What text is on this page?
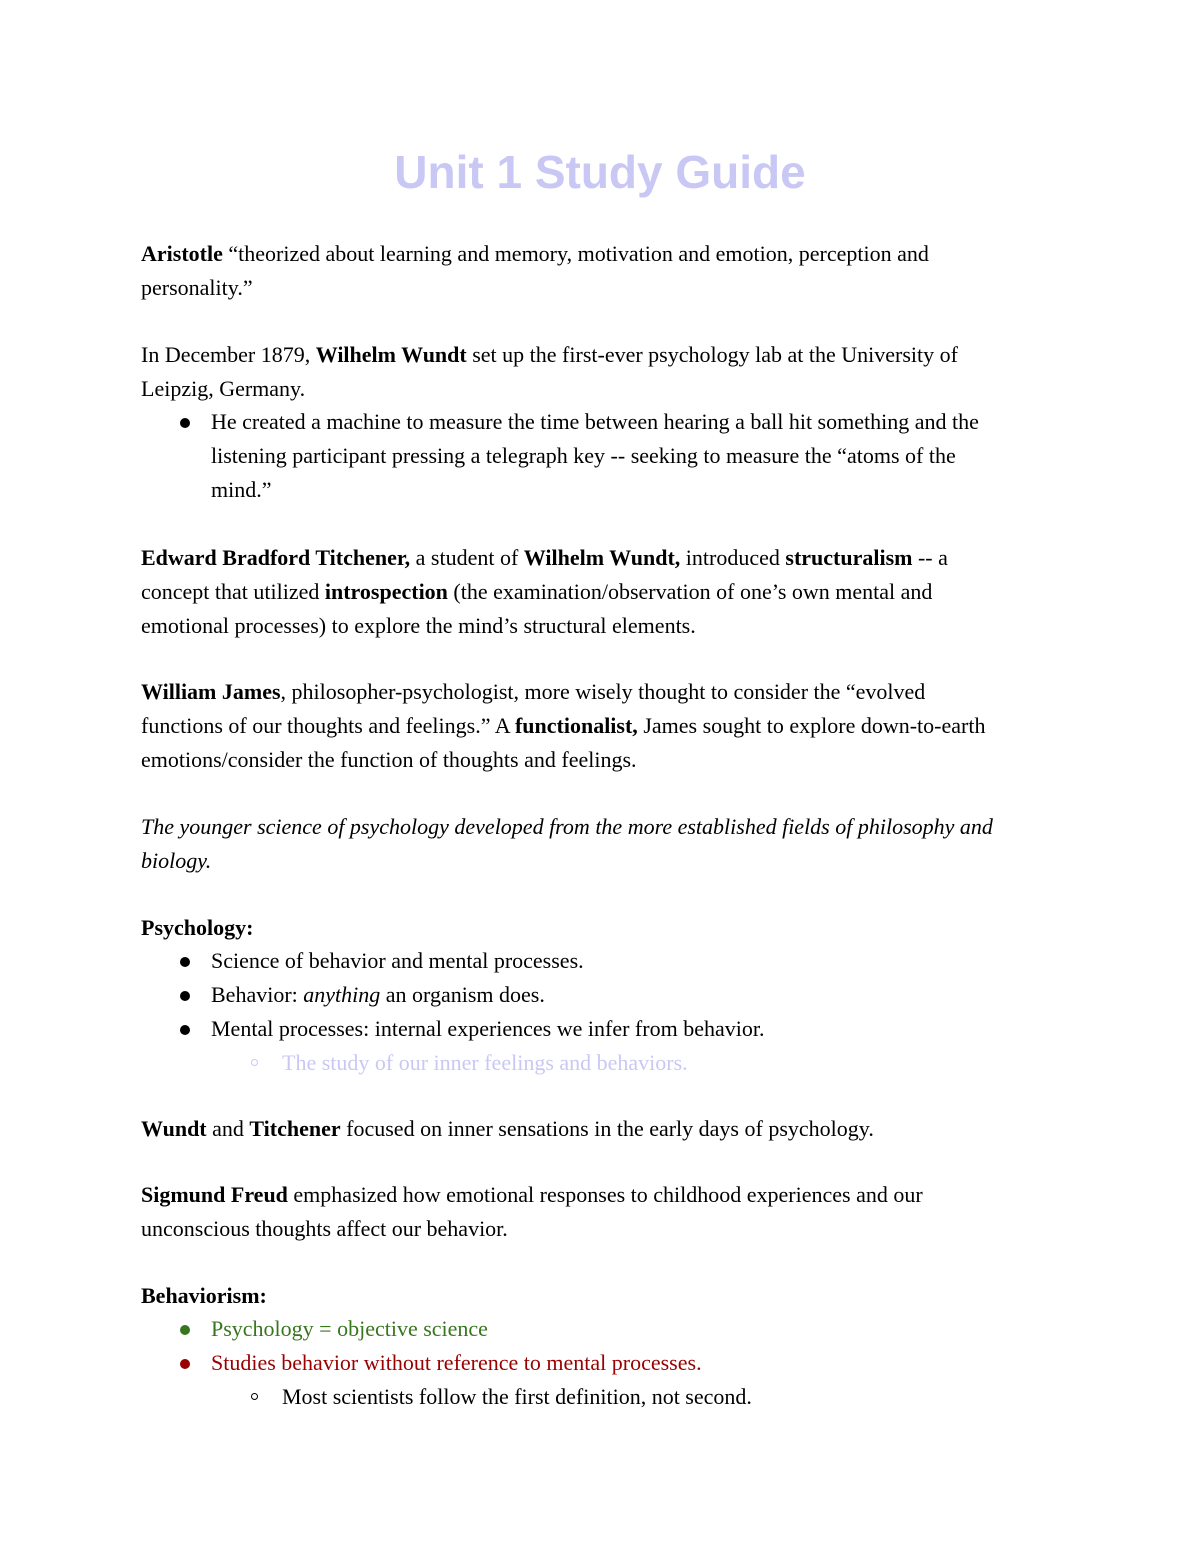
Unit 1 Study Guide
Aristotle “theorized about learning and memory, motivation and emotion, perception and
personality.”
In December 1879, Wilhelm Wundt set up the first-ever psychology lab at the University of
Leipzig, Germany.
He created a machine to measure the time between hearing a ball hit something and the
listening participant pressing a telegraph key -- seeking to measure the “atoms of the
mind.”
Edward Bradford Titchener, a student of Wilhelm Wundt, introduced structuralism -- a
concept that utilized introspection (the examination/observation of one’s own mental and
emotional processes) to explore the mind’s structural elements.
William James, philosopher-psychologist, more wisely thought to consider the “evolved
functions of our thoughts and feelings.” A functionalist, James sought to explore down-to-earth
emotions/consider the function of thoughts and feelings.
The younger science of psychology developed from the more established fields of philosophy and
biology.
Psychology:
Science of behavior and mental processes.
Behavior: anything an organism does.
Mental processes: internal experiences we infer from behavior.
The study of our inner feelings and behaviors.
Wundt and Titchener focused on inner sensations in the early days of psychology.
Sigmund Freud emphasized how emotional responses to childhood experiences and our
unconscious thoughts affect our behavior.
Behaviorism:
Psychology = objective science
Studies behavior without reference to mental processes.
Most scientists follow the first definition, not second.
